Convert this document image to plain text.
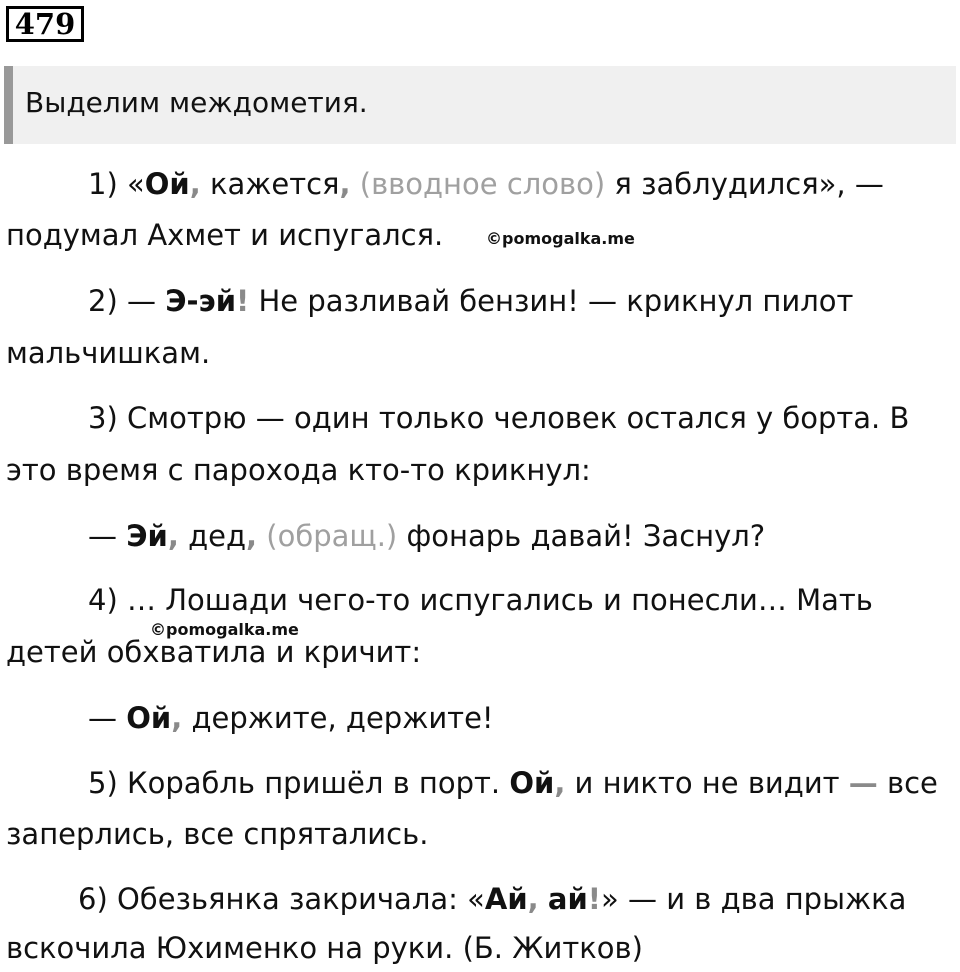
479
Выделим междометия.
1) «Ой, кажется, (вводное слово) я заблудился», —
подумал Ахмет и испугался.	©pomogalka.me
2) — Э-эй! Не разливай бензин! — крикнул пилот
мальчишкам.
3) Смотрю — один только человек остался у борта. В
это время с парохода кто-то крикнул:
— Эй, дед, (обращ.) фонарь давай! Заснул?
4) … Лошади чего-то испугались и понесли… Мать
детей обхватила и кричит:
©pomogalka.me
— Ой, держите, держите!
5) Корабль пришёл в порт. Ой, и никто не видит — все
заперлись, все спрятались.
6) Обезьянка закричала: «Ай, ай!» — и в два прыжка
вскочила Юхименко на руки. (Б. Житков)
